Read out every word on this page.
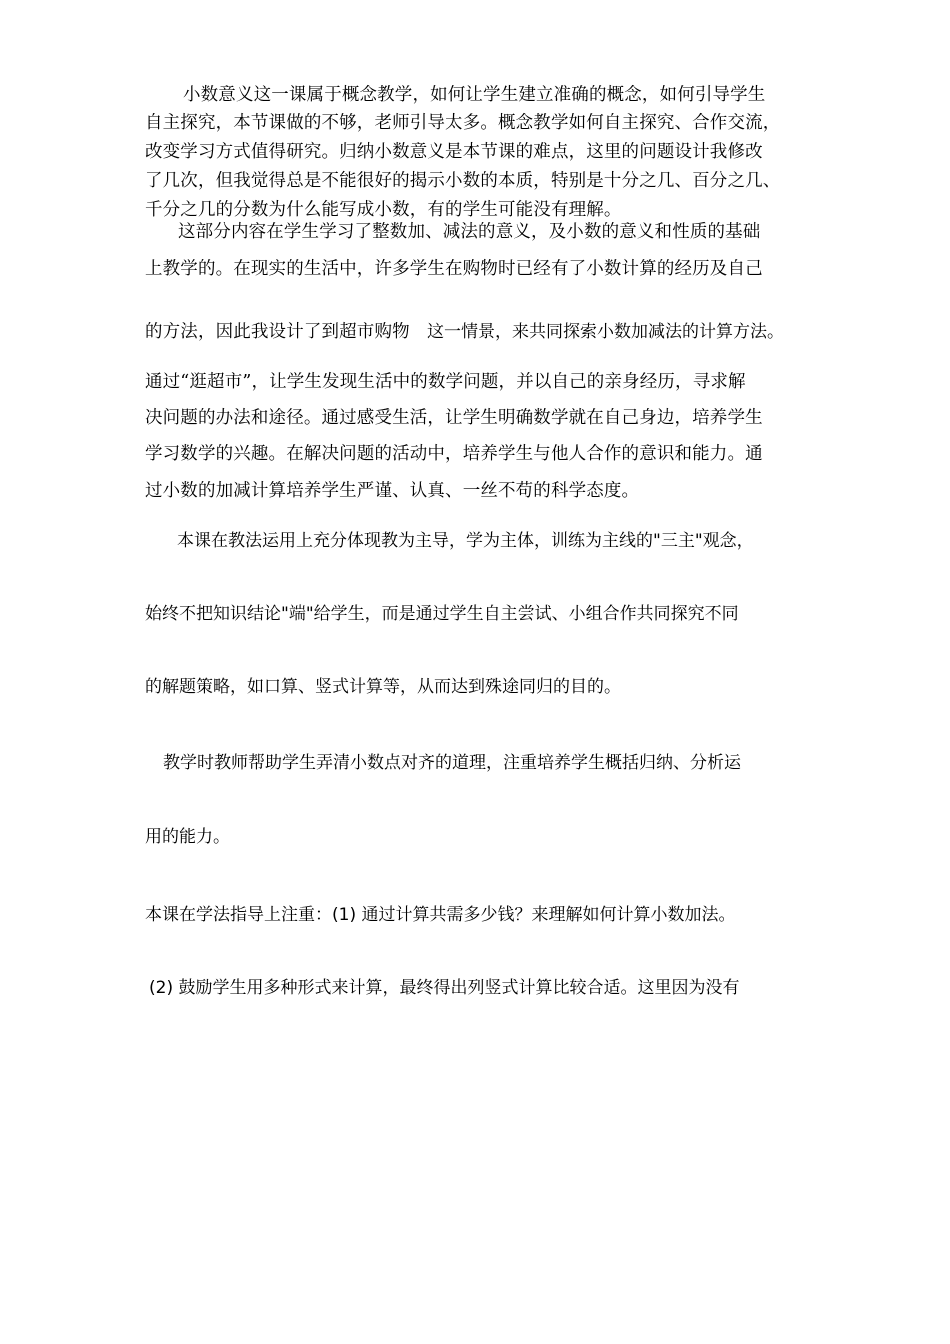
小数意义这一课属于概念教学，如何让学生建立准确的概念，如何引导学生
自主探究，本节课做的不够，老师引导太多。概念教学如何自主探究、合作交流，
改变学习方式值得研究。归纳小数意义是本节课的难点，这里的问题设计我修改
了几次，但我觉得总是不能很好的揭示小数的本质，特别是十分之几、百分之几、
千分之几的分数为什么能写成小数，有的学生可能没有理解。
这部分内容在学生学习了整数加、减法的意义，及小数的意义和性质的基础
上教学的。在现实的生活中，许多学生在购物时已经有了小数计算的经历及自己
的方法，因此我设计了到超市购物 这一情景，来共同探索小数加减法的计算方法。
通过“逛超市”，让学生发现生活中的数学问题，并以自己的亲身经历，寻求解
决问题的办法和途径。通过感受生活，让学生明确数学就在自己身边，培养学生
学习数学的兴趣。在解决问题的活动中，培养学生与他人合作的意识和能力。通
过小数的加减计算培养学生严谨、认真、一丝不苟的科学态度。
本课在教法运用上充分体现教为主导，学为主体，训练为主线的"三主"观念，
始终不把知识结论"端"给学生，而是通过学生自主尝试、小组合作共同探究不同
的解题策略，如口算、竖式计算等，从而达到殊途同归的目的。
教学时教师帮助学生弄清小数点对齐的道理，注重培养学生概括归纳、分析运
用的能力。
本课在学法指导上注重：(1) 通过计算共需多少钱？来理解如何计算小数加法。
(2) 鼓励学生用多种形式来计算，最终得出列竖式计算比较合适。这里因为没有
